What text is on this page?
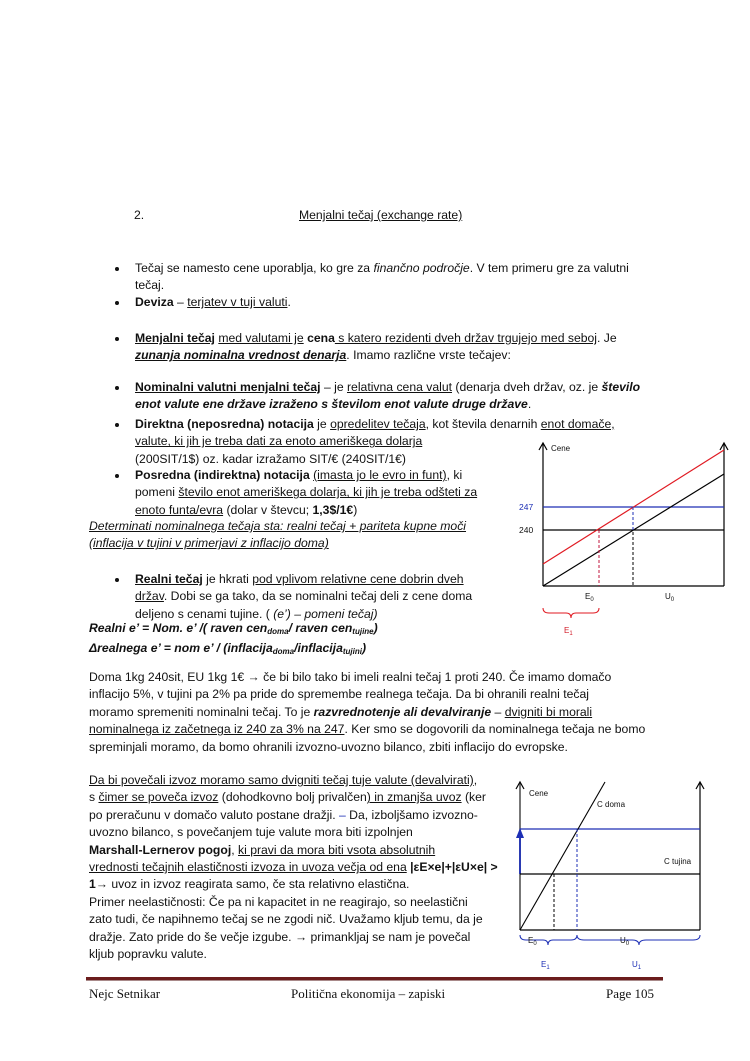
2.	Menjalni tečaj (exchange rate)
Tečaj se namesto cene uporablja, ko gre za finančno področje. V tem primeru gre za valutni
tečaj.
Deviza – terjatev v tuji valuti.
Menjalni tečaj med valutami je cena s katero rezidenti dveh držav trgujejo med seboj. Je
zunanja nominalna vrednost denarja. Imamo različne vrste tečajev:
Nominalni valutni menjalni tečaj – je relativna cena valut (denarja dveh držav, oz. je število
enot valute ene države izraženo s številom enot valute druge države.
Direktna (neposredna) notacija je opredelitev tečaja, kot števila denarnih enot domače,
valute, ki jih je treba dati za enoto ameriškega dolarja
(200SIT/1$) oz. kadar izražamo SIT/€ (240SIT/1€)
Posredna (indirektna) notacija (imasta jo le evro in funt), ki
pomeni število enot ameriškega dolarja, ki jih je treba odšteti za
enoto funta/evra (dolar v števcu; 1,3$/1€)
Determinati nominalnega tečaja sta: realni tečaj + pariteta kupne moči
(inflacija v tujini v primerjavi z inflacijo doma)
Realni tečaj je hkrati pod vplivom relativne cene dobrin dveh
držav. Dobi se ga tako, da se nominalni tečaj deli z cene doma
deljeno s cenami tujine. ( (e’) – pomeni tečaj)
Realni e’ = Nom. e’ /( raven cen$_{doma}$/ raven cen$_{tujine}$)
Δrealnega e’ = nom e’ / (inflacija$_{doma}$/inflacija$_{tujini}$)
Cene
247
240
$E_0$	$U_0$
$E_1$
Doma 1kg 240sit, EU 1kg 1€ → če bi bilo tako bi imeli realni tečaj 1 proti 240. Če imamo domačo
inflacijo 5%, v tujini pa 2% pa pride do spremembe realnega tečaja. Da bi ohranili realni tečaj
moramo spremeniti nominalni tečaj. To je razvrednotenje ali devalviranje – dvigniti bi morali
nominalnega iz začetnega iz 240 za 3% na 247. Ker smo se dogovorili da nominalnega tečaja ne bomo
spreminjali moramo, da bomo ohranili izvozno-uvozno bilanco, zbiti inflacijo do evropske.
Da bi povečali izvoz moramo samo dvigniti tečaj tuje valute (devalvirati),
s čimer se poveča izvoz (dohodkovno bolj privalčen) in zmanjša uvoz (ker
po preračunu v domačo valuto postane dražji. – Da, izboljšamo izvozno-
uvozno bilanco, s povečanjem tuje valute mora biti izpolnjen
Marshall-Lernerov pogoj, ki pravi da mora biti vsota absolutnih
vrednosti tečajnih elastičnosti izvoza in uvoza večja od ena |εE×e|+|εU×e| >
1→ uvoz in izvoz reagirata samo, če sta relativno elastična.
Primer neelastičnosti: Če pa ni kapacitet in ne reagirajo, so neelastični
zato tudi, če napihnemo tečaj se ne zgodi nič. Uvažamo kljub temu, da je
dražje. Zato pride do še večje izgube. → primankljaj se nam je povečal
kljub popravku valute.
Cene
C doma
C tujina
$E_0$	$U_0$
$E_1$	$U_1$
Nejc Setnikar	Politična ekonomija – zapiski	Page 105
